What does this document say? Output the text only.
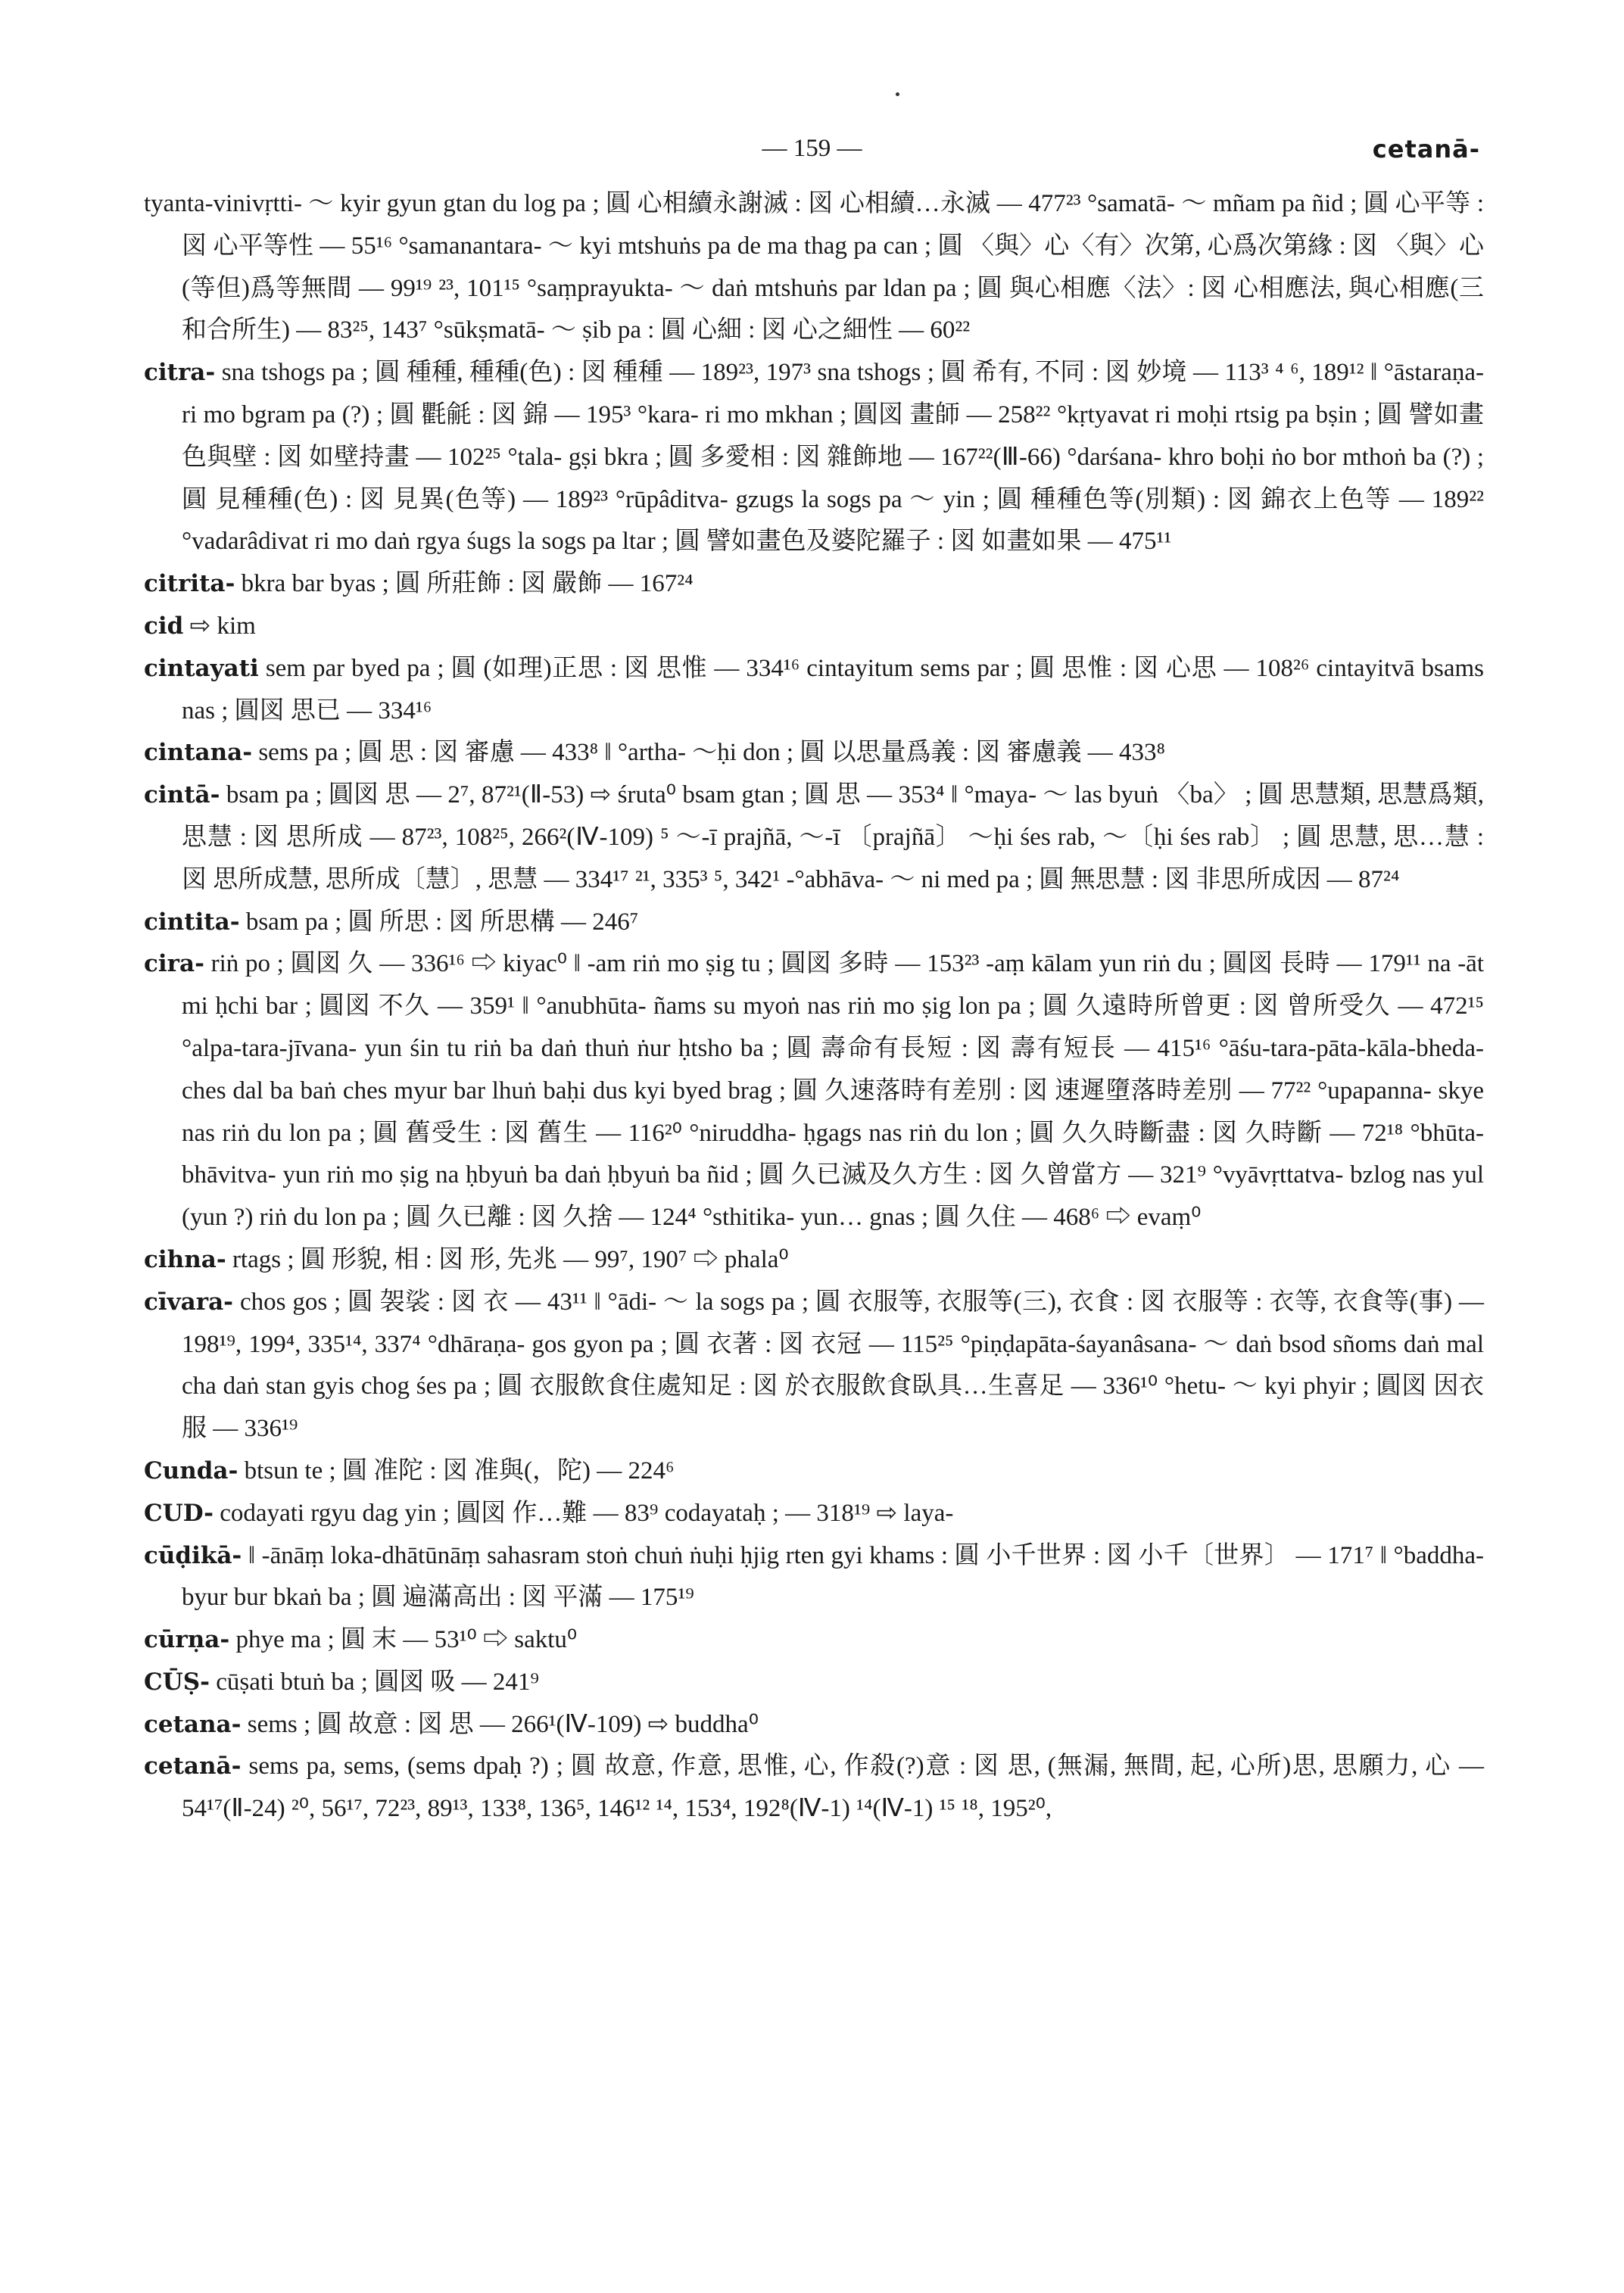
— 159 —	cetanā-

tyanta-vinivṛtti- ～ kyir gyun gtan du log pa ; 圓 心相續永謝滅 : 図 心相續…永滅 — 477²³ °samatā- ～ mñam pa ñid ; 圓 心平等 : 図 心平等性 — 55¹⁶ °samanantara- ～ kyi mtshuṅs pa de ma thag pa can ; 圓 〈與〉心〈有〉次第, 心爲次第緣 : 図 〈與〉心(等但)爲等無間 — 99¹⁹ ²³, 101¹⁵ °saṃprayukta- ～ daṅ mtshuṅs par ldan pa ; 圓 與心相應〈法〉: 図 心相應法, 與心相應(三和合所生) — 83²⁵, 143⁷ °sūkṣmatā- ～ ṣib pa : 圓 心細 : 図 心之細性 — 60²²

citra- sna tshogs pa ; 圓 種種, 種種(色) : 図 種種 — 189²³, 197³ sna tshogs ; 圓 希有, 不同 : 図 妙境 — 113³ ⁴ ⁶, 189¹² ‖ °āstaraṇa- ri mo bgram pa (?) ; 圓 氍毹 : 図 錦 — 195³ °kara- ri mo mkhan ; 圓図 畫師 — 258²² °kṛtyavat ri moḥi rtsig pa bṣin ; 圓 譬如畫色與壁 : 図 如壁持畫 — 102²⁵ °tala- gṣi bkra ; 圓 多愛相 : 図 雜飾地 — 167²²(Ⅲ-66) °darśana- khro boḥi ṅo bor mthoṅ ba (?) ; 圓 見種種(色) : 図 見異(色等) — 189²³ °rūpâditva- gzugs la sogs pa ～ yin ; 圓 種種色等(別類) : 図 錦衣上色等 — 189²² °vadarâdivat ri mo daṅ rgya śugs la sogs pa ltar ; 圓 譬如畫色及婆陀羅子 : 図 如畫如果 — 475¹¹

citrita- bkra bar byas ; 圓 所莊飾 : 図 嚴飾 — 167²⁴

cid ⇨ kim

cintayati sem par byed pa ; 圓 (如理)正思 : 図 思惟 — 334¹⁶ cintayitum sems par ; 圓 思惟 : 図 心思 — 108²⁶ cintayitvā bsams nas ; 圓図 思已 — 334¹⁶

cintana- sems pa ; 圓 思 : 図 審慮 — 433⁸ ‖ °artha- ～ḥi don ; 圓 以思量爲義 : 図 審慮義 — 433⁸

cintā- bsam pa ; 圓図 思 — 2⁷, 87²¹(Ⅱ-53) ⇨ śruta⁰ bsam gtan ; 圓 思 — 353⁴ ‖ °maya- ～ las byuṅ 〈ba〉 ; 圓 思慧類, 思慧爲類, 思慧 : 図 思所成 — 87²³, 108²⁵, 266²(Ⅳ-109) ⁵ ～-ī prajñā, ～-ī 〔prajñā〕 ～ḥi śes rab, ～〔ḥi śes rab〕 ; 圓 思慧, 思…慧 : 図 思所成慧, 思所成〔慧〕, 思慧 — 334¹⁷ ²¹, 335³ ⁵, 342¹ -°abhāva- ～ ni med pa ; 圓 無思慧 : 図 非思所成因 — 87²⁴

cintita- bsam pa ; 圓 所思 : 図 所思構 — 246⁷

cira- riṅ po ; 圓図 久 — 336¹⁶ ⇨ kiyac⁰ ‖ -am riṅ mo ṣig tu ; 圓図 多時 — 153²³ -aṃ kālam yun riṅ du ; 圓図 長時 — 179¹¹ na -āt mi ḥchi bar ; 圓図 不久 — 359¹ ‖ °anubhūta- ñams su myoṅ nas riṅ mo ṣig lon pa ; 圓 久遠時所曾更 : 図 曾所受久 — 472¹⁵ °alpa-tara-jīvana- yun śin tu riṅ ba daṅ thuṅ ṅur ḥtsho ba ; 圓 壽命有長短 : 図 壽有短長 — 415¹⁶ °āśu-tara-pāta-kāla-bheda- ches dal ba baṅ ches myur bar lhuṅ baḥi dus kyi byed brag ; 圓 久速落時有差別 : 図 速遲墮落時差別 — 77²² °upapanna- skye nas riṅ du lon pa ; 圓 舊受生 : 図 舊生 — 116²⁰ °niruddha- ḥgags nas riṅ du lon ; 圓 久久時斷盡 : 図 久時斷 — 72¹⁸ °bhūta-bhāvitva- yun riṅ mo ṣig na ḥbyuṅ ba daṅ ḥbyuṅ ba ñid ; 圓 久已滅及久方生 : 図 久曾當方 — 321⁹ °vyāvṛttatva- bzlog nas yul (yun ?) riṅ du lon pa ; 圓 久已離 : 図 久捨 — 124⁴ °sthitika- yun… gnas ; 圓 久住 — 468⁶ ⇨ evaṃ⁰

cihna- rtags ; 圓 形貌, 相 : 図 形, 先兆 — 99⁷, 190⁷ ⇨ phala⁰

cīvara- chos gos ; 圓 袈裟 : 図 衣 — 43¹¹ ‖ °ādi- ～ la sogs pa ; 圓 衣服等, 衣服等(三), 衣食 : 図 衣服等 : 衣等, 衣食等(事) — 198¹⁹, 199⁴, 335¹⁴, 337⁴ °dhāraṇa- gos gyon pa ; 圓 衣著 : 図 衣冠 — 115²⁵ °piṇḍapāta-śayanâsana- ～ daṅ bsod sñoms daṅ mal cha daṅ stan gyis chog śes pa ; 圓 衣服飲食住處知足 : 図 於衣服飲食臥具…生喜足 — 336¹⁰ °hetu- ～ kyi phyir ; 圓図 因衣服 — 336¹⁹

Cunda- btsun te ; 圓 准陀 : 図 准與(，陀) — 224⁶

CUD- codayati rgyu dag yin ; 圓図 作…難 — 83⁹ codayataḥ ; — 318¹⁹ ⇨ laya-

cūḍikā- ‖ -ānāṃ loka-dhātūnāṃ sahasram stoṅ chuṅ ṅuḥi ḥjig rten gyi khams : 圓 小千世界 : 図 小千〔世界〕 — 171⁷ ‖ °baddha- byur bur bkaṅ ba ; 圓 遍滿高出 : 図 平滿 — 175¹⁹

cūrṇa- phye ma ; 圓 末 — 53¹⁰ ⇨ saktu⁰

CŪṢ- cūṣati btuṅ ba ; 圓図 吸 — 241⁹

cetana- sems ; 圓 故意 : 図 思 — 266¹(Ⅳ-109) ⇨ buddha⁰

cetanā- sems pa, sems, (sems dpaḥ ?) ; 圓 故意, 作意, 思惟, 心, 作殺(?)意 : 図 思, (無漏, 無間, 起, 心所)思, 思願力, 心 — 54¹⁷(Ⅱ-24) ²⁰, 56¹⁷, 72²³, 89¹³, 133⁸, 136⁵, 146¹² ¹⁴, 153⁴, 192⁸(Ⅳ-1) ¹⁴(Ⅳ-1) ¹⁵ ¹⁸, 195²⁰,
